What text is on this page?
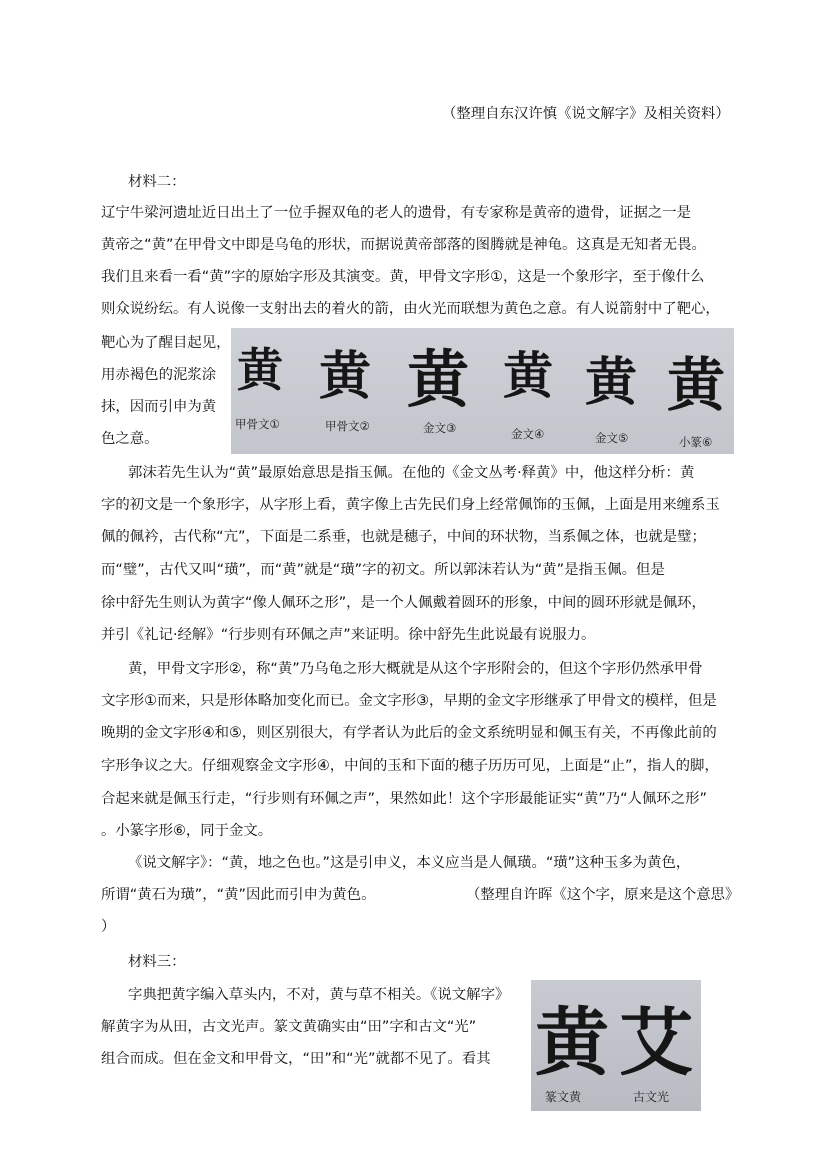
（整理自东汉许慎《说文解字》及相关资料）
材料二：
辽宁牛梁河遗址近日出土了一位手握双龟的老人的遗骨，有专家称是黄帝的遗骨，证据之一是
黄帝之“黄”在甲骨文中即是乌龟的形状，而据说黄帝部落的图腾就是神龟。这真是无知者无畏。
我们且来看一看“黄”字的原始字形及其演变。黄，甲骨文字形①，这是一个象形字，至于像什么
则众说纷纭。有人说像一支射出去的着火的箭，由火光而联想为黄色之意。有人说箭射中了靶心，
靶心为了醒目起见，
用赤褐色的泥浆涂
抹，因而引申为黄
色之意。
黄 黄 黄 黄 黄 黄
甲骨文①	甲骨文②	金文③	金文④	金文⑤	小篆⑥
郭沫若先生认为“黄”最原始意思是指玉佩。在他的《金文丛考·释黄》中，他这样分析：黄
字的初文是一个象形字，从字形上看，黄字像上古先民们身上经常佩饰的玉佩，上面是用来缠系玉
佩的佩衿，古代称“亢”，下面是二系垂，也就是穗子，中间的环状物，当系佩之体，也就是璧；
而“璧”，古代又叫“璜”，而“黄”就是“璜”字的初文。所以郭沫若认为“黄”是指玉佩。但是
徐中舒先生则认为黄字“像人佩环之形”，是一个人佩戴着圆环的形象，中间的圆环形就是佩环，
并引《礼记·经解》“行步则有环佩之声”来证明。徐中舒先生此说最有说服力。
黄，甲骨文字形②，称“黄”乃乌龟之形大概就是从这个字形附会的，但这个字形仍然承甲骨
文字形①而来，只是形体略加变化而已。金文字形③，早期的金文字形继承了甲骨文的模样，但是
晚期的金文字形④和⑤，则区别很大，有学者认为此后的金文系统明显和佩玉有关，不再像此前的
字形争议之大。仔细观察金文字形④，中间的玉和下面的穗子历历可见，上面是“止”，指人的脚，
合起来就是佩玉行走，“行步则有环佩之声”，果然如此！这个字形最能证实“黄”乃“人佩环之形”
。小篆字形⑥，同于金文。
《说文解字》：“黄，地之色也。”这是引申义，本义应当是人佩璜。“璜”这种玉多为黄色，
所谓“黄石为璜”，“黄”因此而引申为黄色。	（整理自许晖《这个字，原来是这个意思》
）
材料三：
字典把黄字编入草头内，不对，黄与草不相关。《说文解字》
解黄字为从田，古文光声。篆文黄确实由“田”字和古文“光”
组合而成。但在金文和甲骨文，“田”和“光”就都不见了。看其 黄 艾
篆文黄	古文光
